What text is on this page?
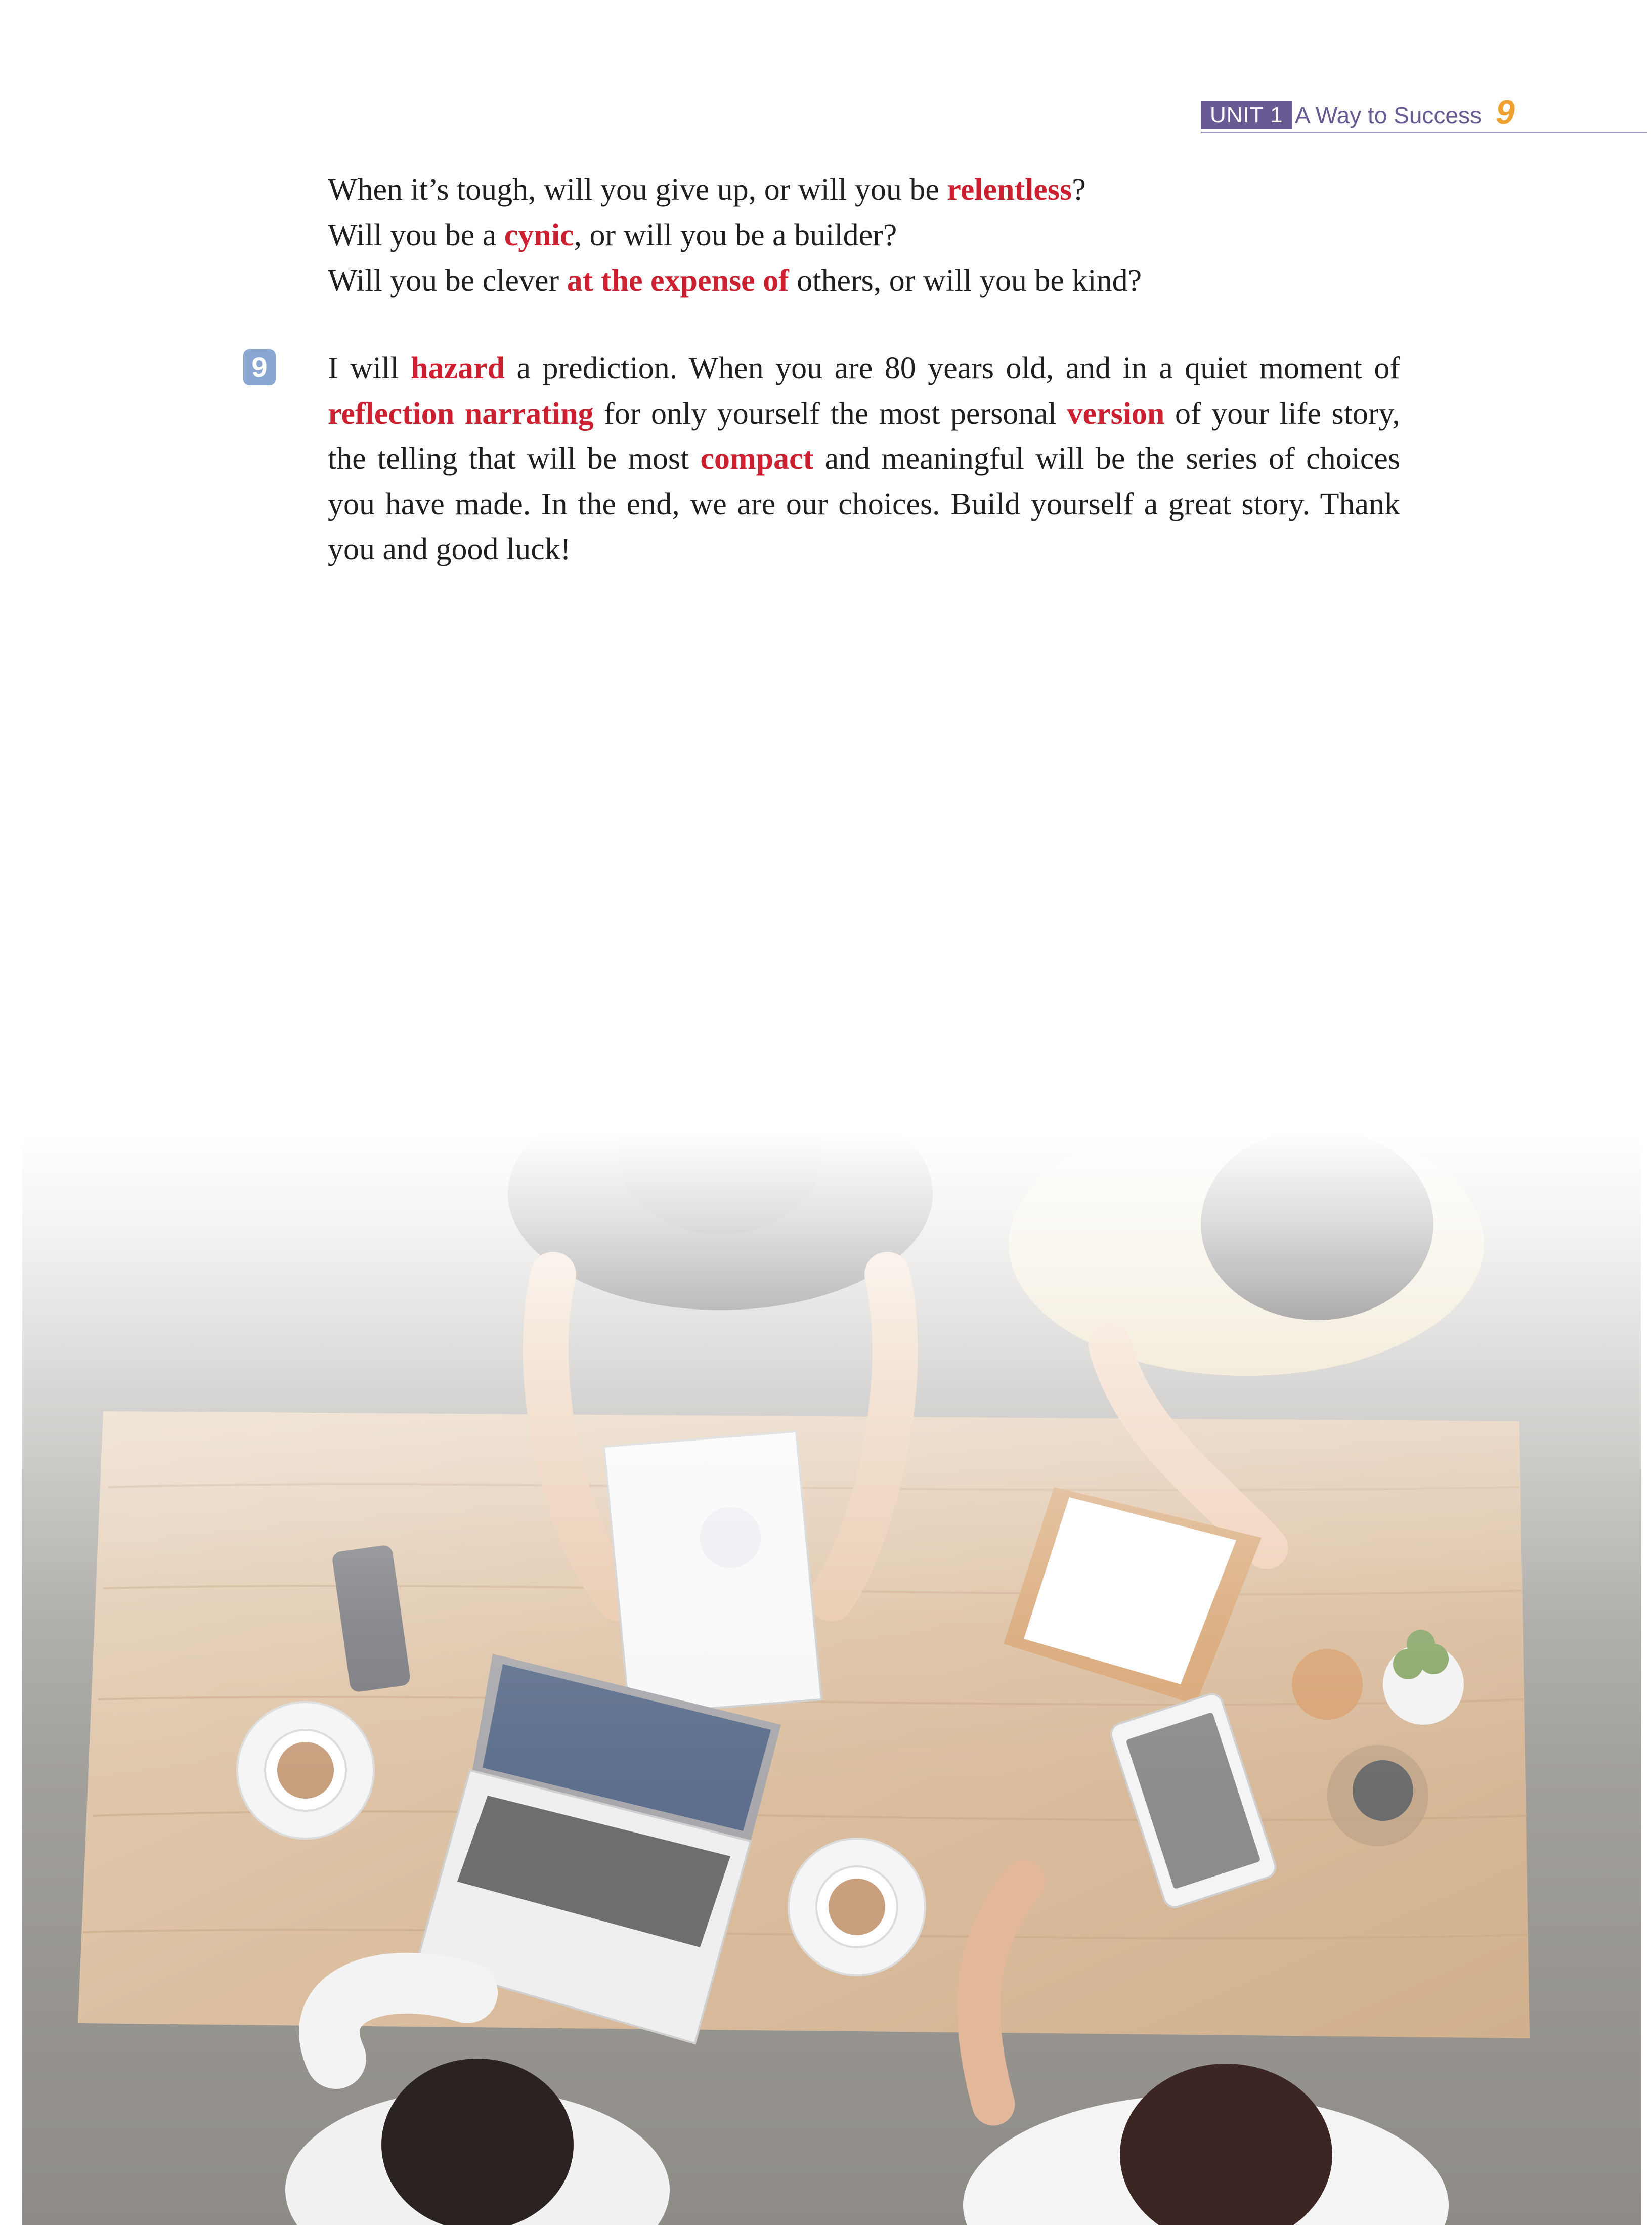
UNIT 1 A Way to Success 9
When it’s tough, will you give up, or will you be relentless?
Will you be a cynic, or will you be a builder?
Will you be clever at the expense of others, or will you be kind?
9 I will hazard a prediction. When you are 80 years old, and in a quiet moment of reflection narrating for only yourself the most personal version of your life story, the telling that will be most compact and meaningful will be the series of choices you have made. In the end, we are our choices. Build yourself a great story. Thank you and good luck!
